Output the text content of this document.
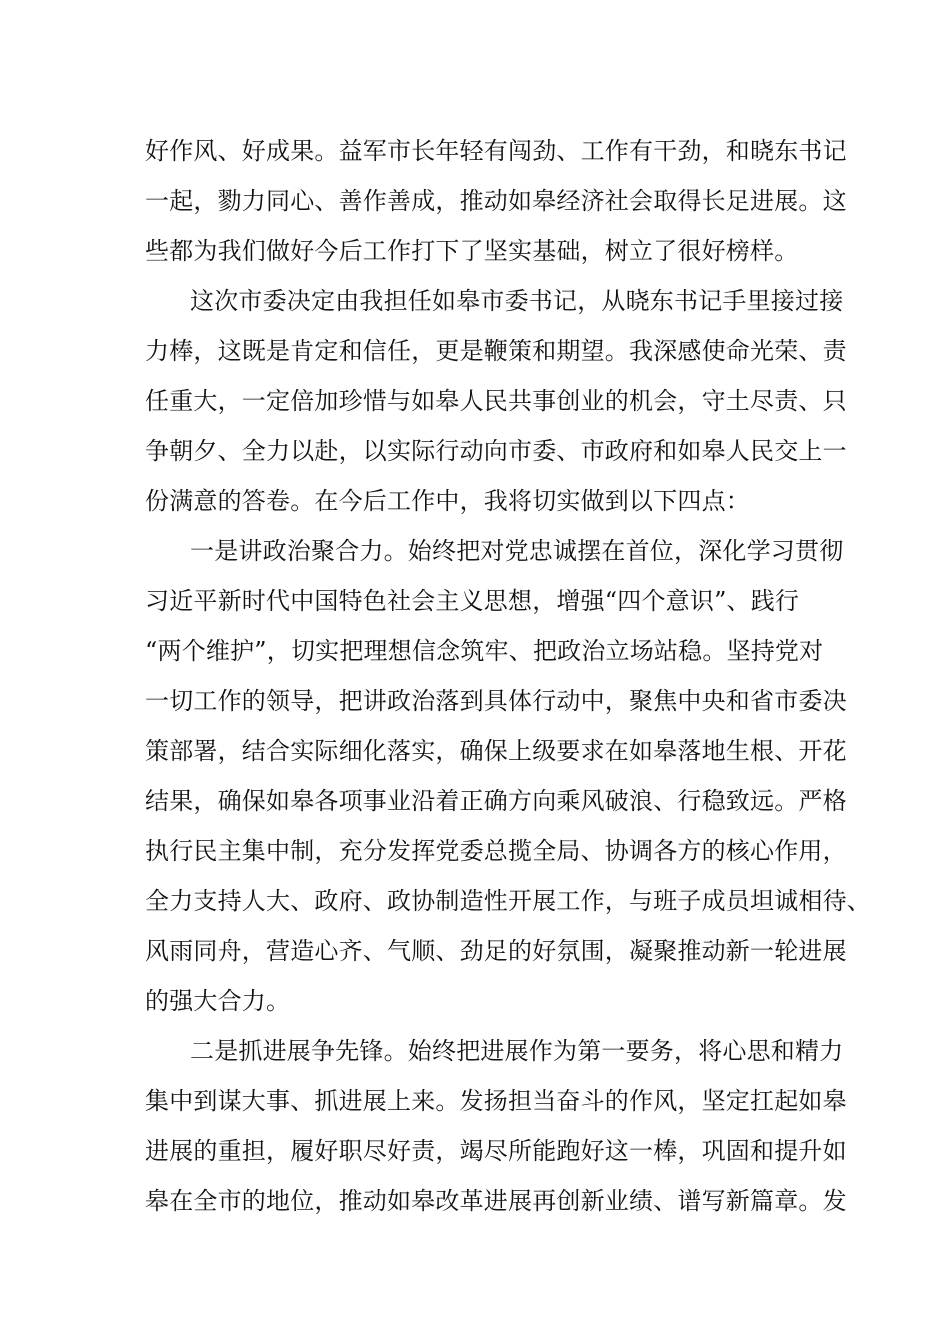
好作风、好成果。益军市长年轻有闯劲、工作有干劲，和晓东书记

一起，勠力同心、善作善成，推动如皋经济社会取得长足进展。这

些都为我们做好今后工作打下了坚实基础，树立了很好榜样。

这次市委决定由我担任如皋市委书记，从晓东书记手里接过接

力棒，这既是肯定和信任，更是鞭策和期望。我深感使命光荣、责

任重大，一定倍加珍惜与如皋人民共事创业的机会，守土尽责、只

争朝夕、全力以赴，以实际行动向市委、市政府和如皋人民交上一

份满意的答卷。在今后工作中，我将切实做到以下四点：

一是讲政治聚合力。始终把对党忠诚摆在首位，深化学习贯彻

习近平新时代中国特色社会主义思想，增强“四个意识”、践行

“两个维护”，切实把理想信念筑牢、把政治立场站稳。坚持党对

一切工作的领导，把讲政治落到具体行动中，聚焦中央和省市委决

策部署，结合实际细化落实，确保上级要求在如皋落地生根、开花

结果，确保如皋各项事业沿着正确方向乘风破浪、行稳致远。严格

执行民主集中制，充分发挥党委总揽全局、协调各方的核心作用，

全力支持人大、政府、政协制造性开展工作，与班子成员坦诚相待、

风雨同舟，营造心齐、气顺、劲足的好氛围，凝聚推动新一轮进展

的强大合力。

二是抓进展争先锋。始终把进展作为第一要务，将心思和精力

集中到谋大事、抓进展上来。发扬担当奋斗的作风，坚定扛起如皋

进展的重担，履好职尽好责，竭尽所能跑好这一棒，巩固和提升如

皋在全市的地位，推动如皋改革进展再创新业绩、谱写新篇章。发
